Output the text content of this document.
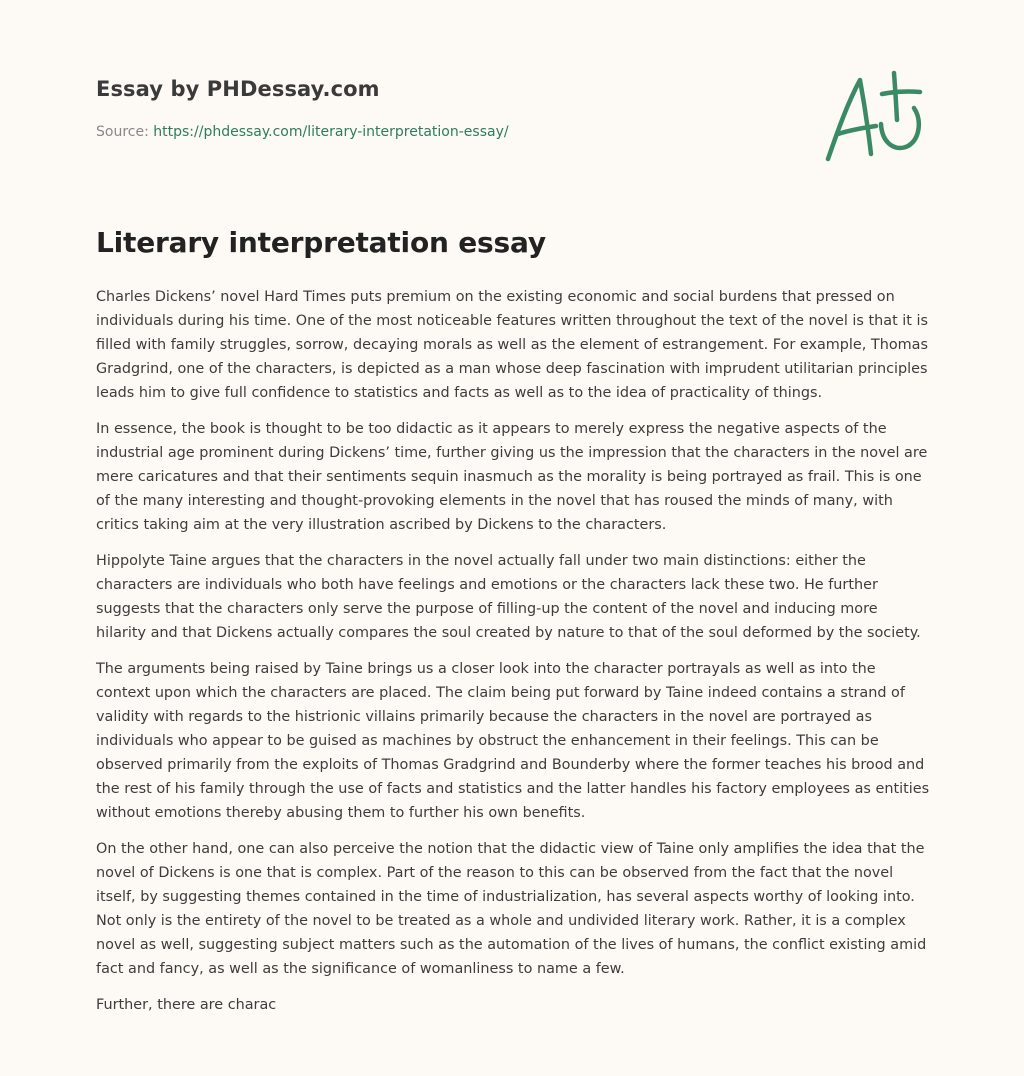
Essay by PHDessay.com
Source: https://phdessay.com/literary-interpretation-essay/
Literary interpretation essay

Charles Dickens’ novel Hard Times puts premium on the existing economic and social burdens that pressed on individuals during his time. One of the most noticeable features written throughout the text of the novel is that it is filled with family struggles, sorrow, decaying morals as well as the element of estrangement. For example, Thomas Gradgrind, one of the characters, is depicted as a man whose deep fascination with imprudent utilitarian principles leads him to give full confidence to statistics and facts as well as to the idea of practicality of things.

In essence, the book is thought to be too didactic as it appears to merely express the negative aspects of the industrial age prominent during Dickens’ time, further giving us the impression that the characters in the novel are mere caricatures and that their sentiments sequin inasmuch as the morality is being portrayed as frail. This is one of the many interesting and thought-provoking elements in the novel that has roused the minds of many, with critics taking aim at the very illustration ascribed by Dickens to the characters.

Hippolyte Taine argues that the characters in the novel actually fall under two main distinctions: either the characters are individuals who both have feelings and emotions or the characters lack these two. He further suggests that the characters only serve the purpose of filling-up the content of the novel and inducing more hilarity and that Dickens actually compares the soul created by nature to that of the soul deformed by the society.

The arguments being raised by Taine brings us a closer look into the character portrayals as well as into the context upon which the characters are placed. The claim being put forward by Taine indeed contains a strand of validity with regards to the histrionic villains primarily because the characters in the novel are portrayed as individuals who appear to be guised as machines by obstruct the enhancement in their feelings. This can be observed primarily from the exploits of Thomas Gradgrind and Bounderby where the former teaches his brood and the rest of his family through the use of facts and statistics and the latter handles his factory employees as entities without emotions thereby abusing them to further his own benefits.

On the other hand, one can also perceive the notion that the didactic view of Taine only amplifies the idea that the novel of Dickens is one that is complex. Part of the reason to this can be observed from the fact that the novel itself, by suggesting themes contained in the time of industrialization, has several aspects worthy of looking into. Not only is the entirety of the novel to be treated as a whole and undivided literary work. Rather, it is a complex novel as well, suggesting subject matters such as the automation of the lives of humans, the conflict existing amid fact and fancy, as well as the significance of womanliness to name a few.

Further, there are charac
